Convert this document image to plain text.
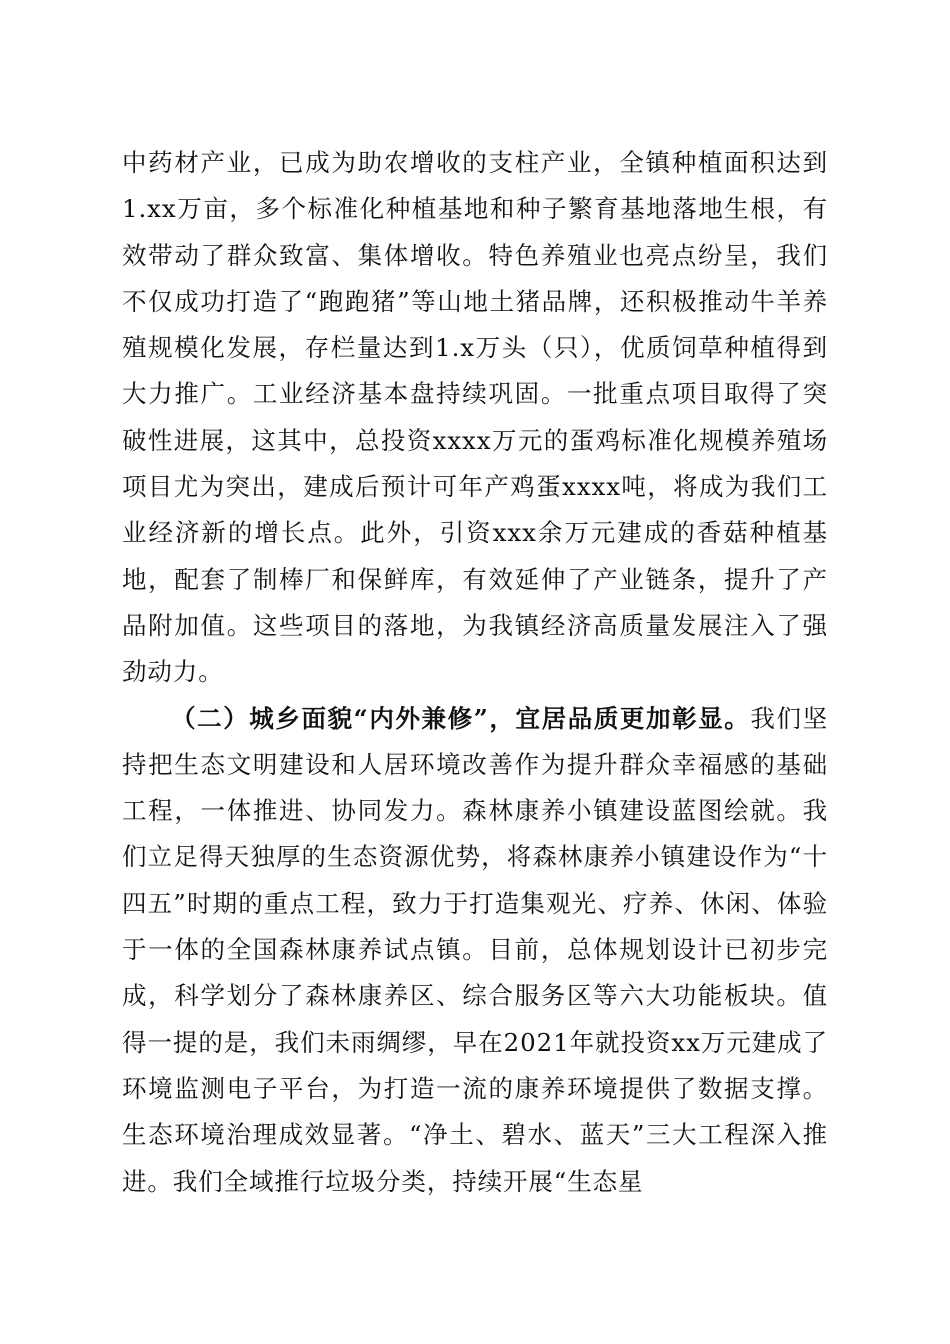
中药材产业，已成为助农增收的支柱产业，全镇种植面积达到1.xx万亩，多个标准化种植基地和种子繁育基地落地生根，有效带动了群众致富、集体增收。特色养殖业也亮点纷呈，我们不仅成功打造了“跑跑猪”等山地土猪品牌，还积极推动牛羊养殖规模化发展，存栏量达到1.x万头（只），优质饲草种植得到大力推广。工业经济基本盘持续巩固。一批重点项目取得了突破性进展，这其中，总投资xxxx万元的蛋鸡标准化规模养殖场项目尤为突出，建成后预计可年产鸡蛋xxxx吨，将成为我们工业经济新的增长点。此外，引资xxx余万元建成的香菇种植基地，配套了制棒厂和保鲜库，有效延伸了产业链条，提升了产品附加值。这些项目的落地，为我镇经济高质量发展注入了强劲动力。

（二）城乡面貌“内外兼修”，宜居品质更加彰显。我们坚持把生态文明建设和人居环境改善作为提升群众幸福感的基础工程，一体推进、协同发力。森林康养小镇建设蓝图绘就。我们立足得天独厚的生态资源优势，将森林康养小镇建设作为“十四五”时期的重点工程，致力于打造集观光、疗养、休闲、体验于一体的全国森林康养试点镇。目前，总体规划设计已初步完成，科学划分了森林康养区、综合服务区等六大功能板块。值得一提的是，我们未雨绸缪，早在2021年就投资xx万元建成了环境监测电子平台，为打造一流的康养环境提供了数据支撑。生态环境治理成效显著。“净土、碧水、蓝天”三大工程深入推进。我们全域推行垃圾分类，持续开展“生态星
